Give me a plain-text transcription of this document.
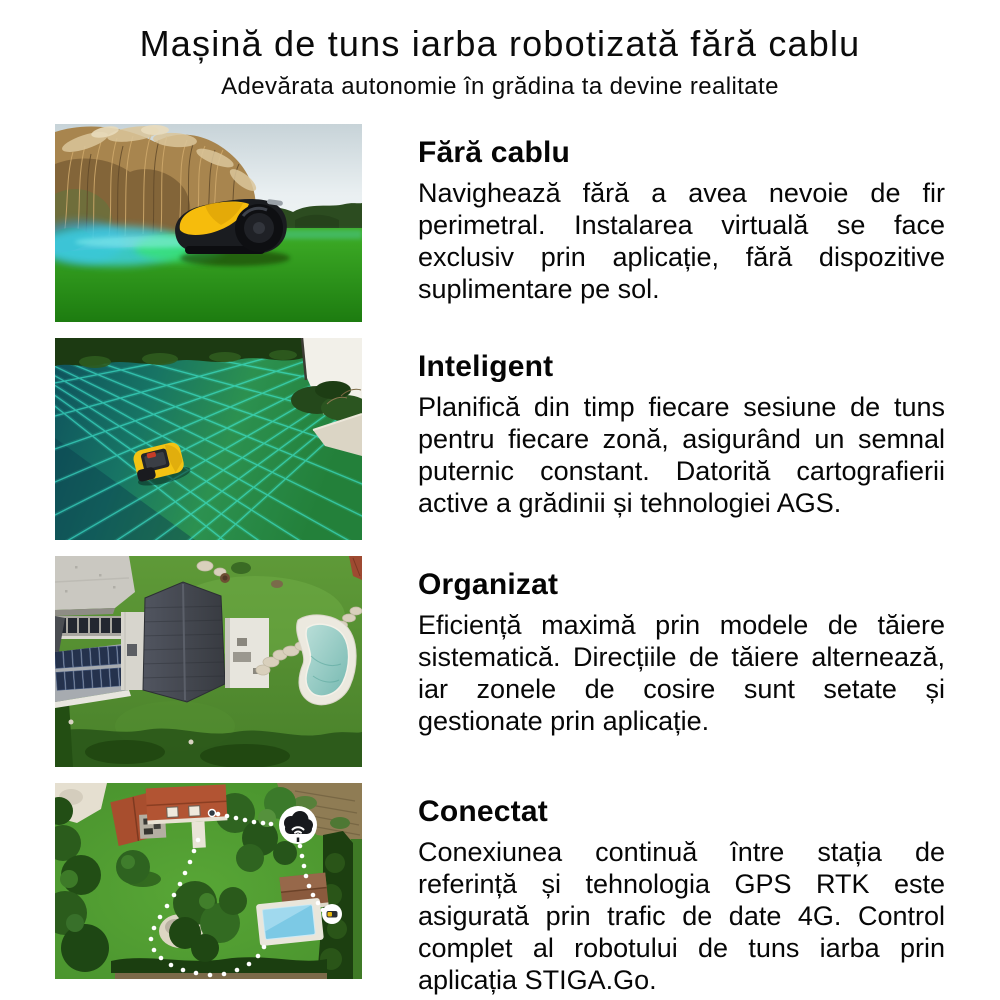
Mașină de tuns iarba robotizată fără cablu
Adevărata autonomie în grădina ta devine realitate
Fără cablu

Navighează fără a avea nevoie de fir perimetral. Instalarea virtuală se face exclusiv prin aplicație, fără dispozitive suplimentare pe sol.

Inteligent

Planifică din timp fiecare sesiune de tuns pentru fiecare zonă, asigurând un semnal puternic constant. Datorită cartografierii active a grădinii și tehnologiei AGS.

Organizat

Eficiență maximă prin modele de tăiere sistematică. Direcțiile de tăiere alternează, iar zonele de cosire sunt setate și gestionate prin aplicație.

Conectat

Conexiunea continuă între stația de referință și tehnologia GPS RTK este asigurată prin trafic de date 4G. Control complet al robotului de tuns iarba prin aplicația STIGA.Go.
